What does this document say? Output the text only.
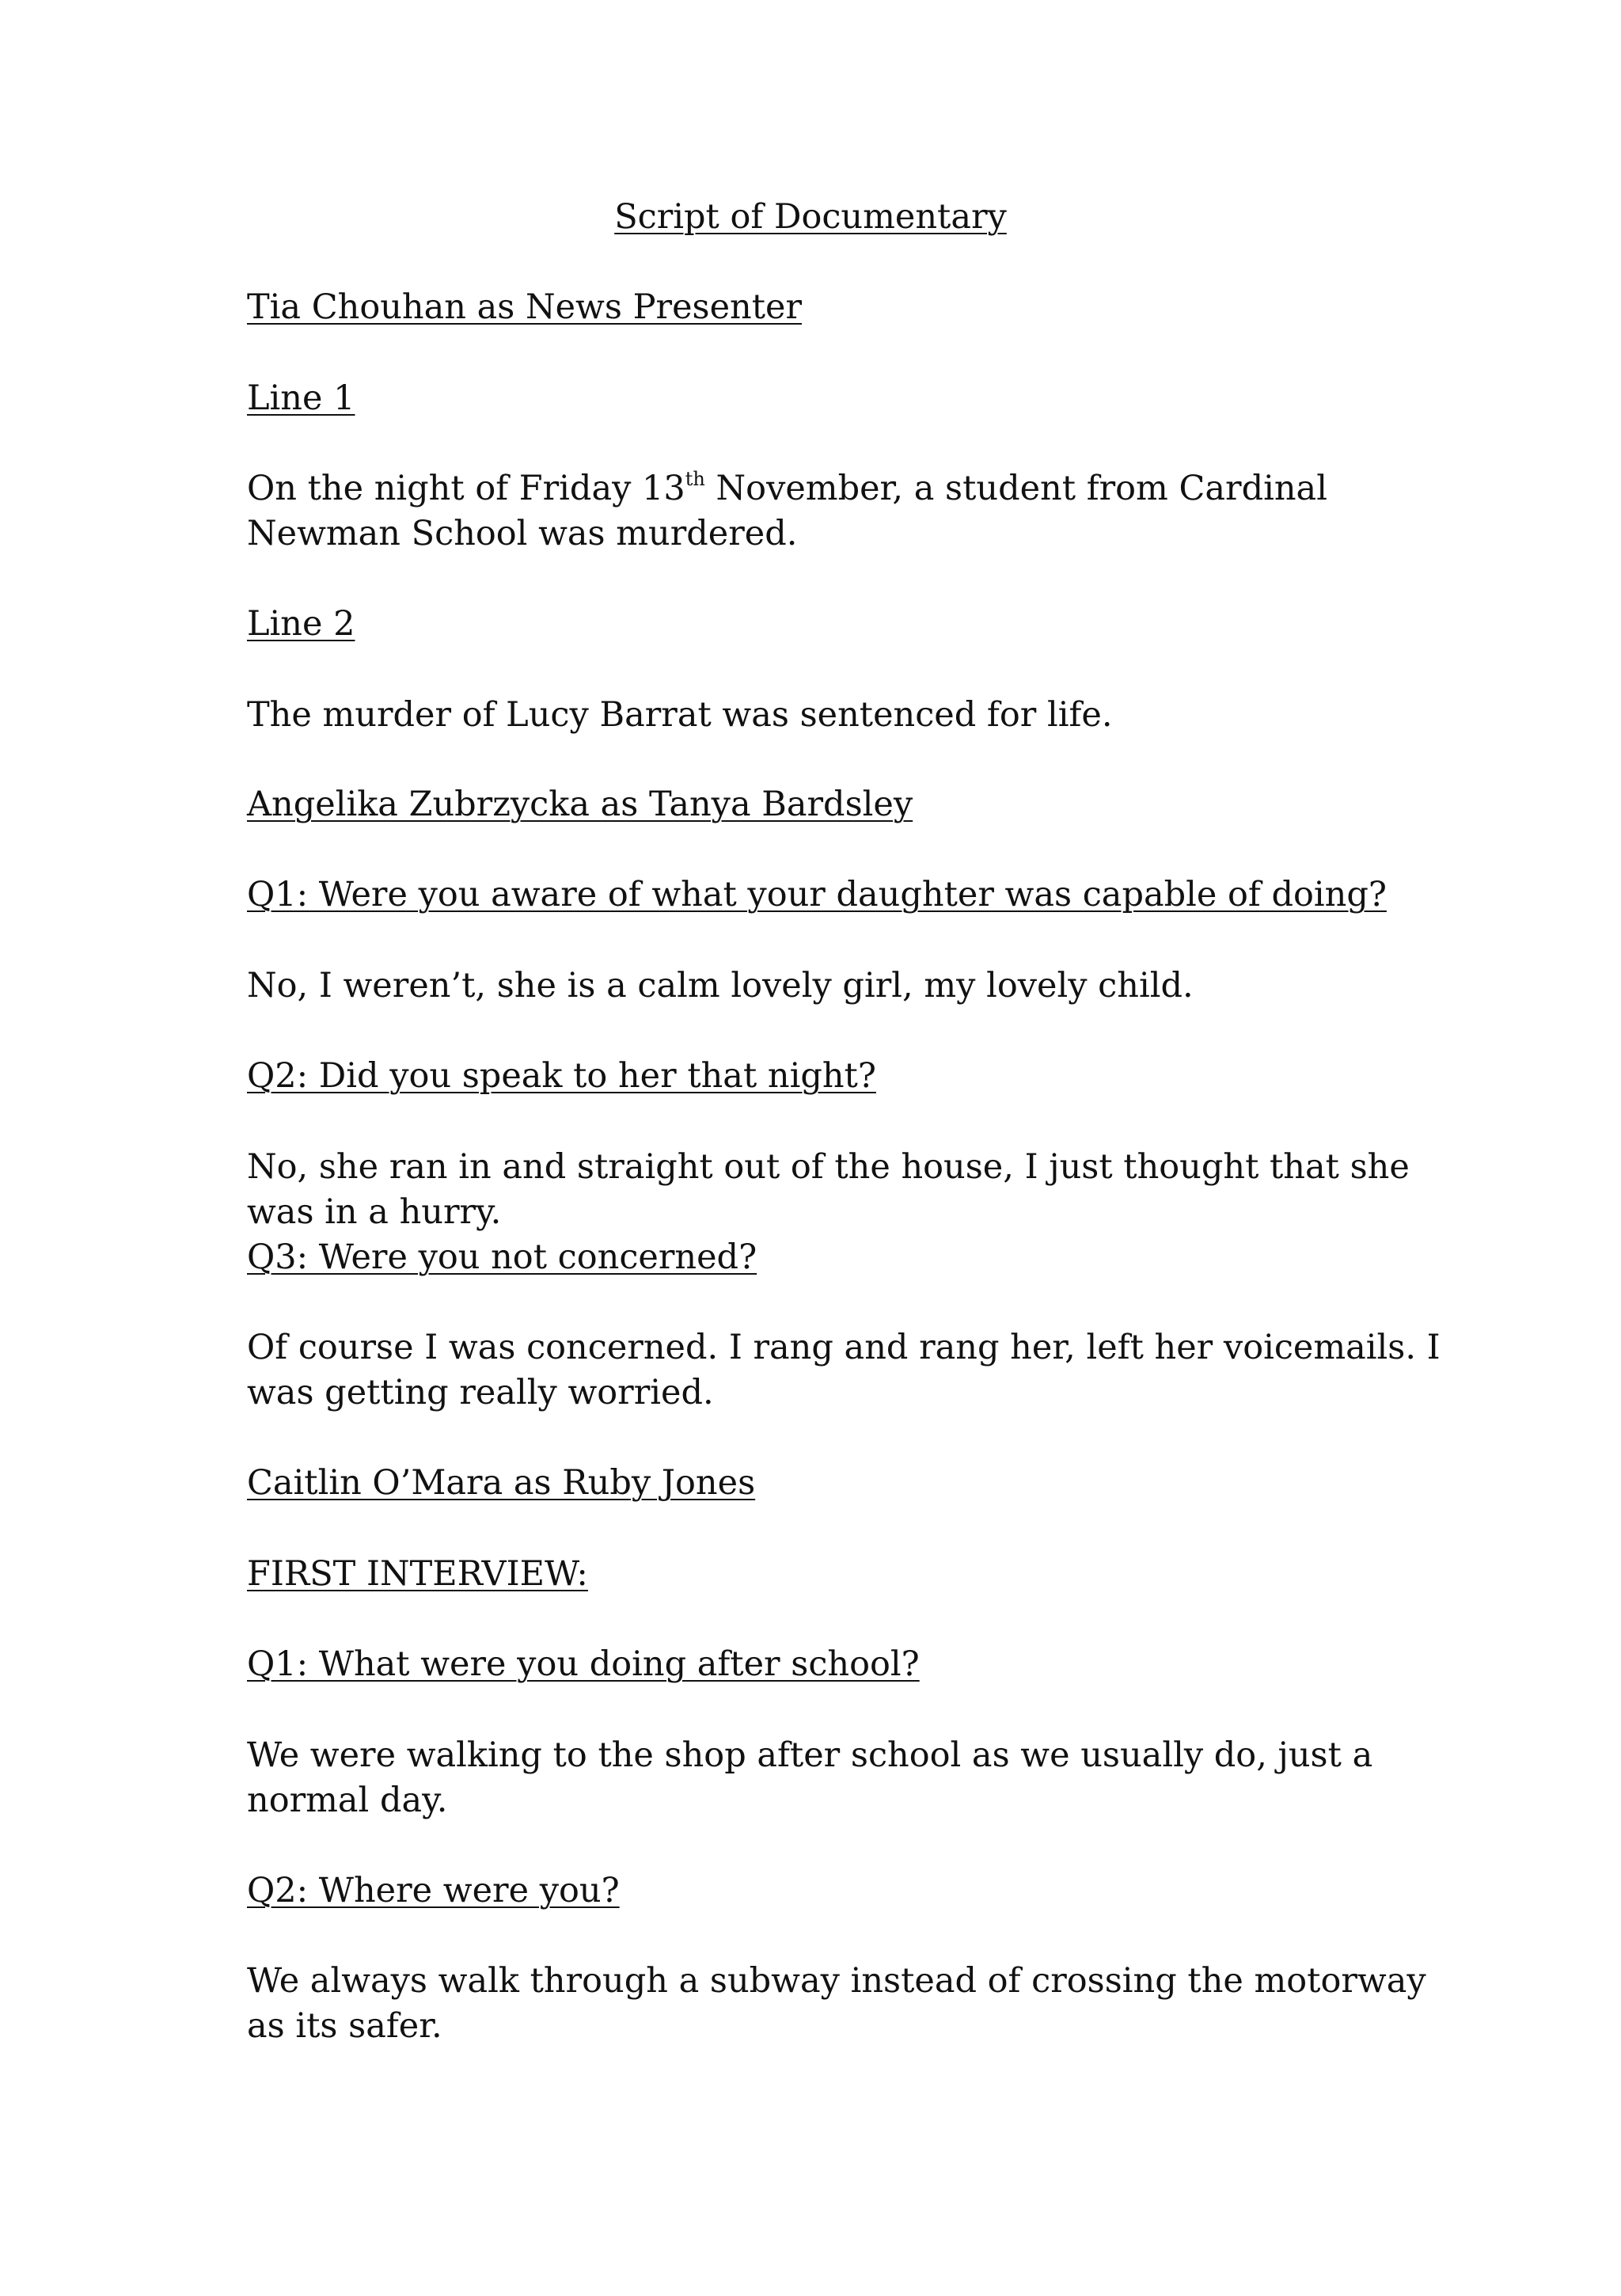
Script of Documentary
Tia Chouhan as News Presenter
Line 1
On the night of Friday 13th November, a student from Cardinal
Newman School was murdered.
Line 2
The murder of Lucy Barrat was sentenced for life.
Angelika Zubrzycka as Tanya Bardsley
Q1: Were you aware of what your daughter was capable of doing?
No, I weren’t, she is a calm lovely girl, my lovely child.
Q2: Did you speak to her that night?
No, she ran in and straight out of the house, I just thought that she
was in a hurry.
Q3: Were you not concerned?
Of course I was concerned. I rang and rang her, left her voicemails. I
was getting really worried.
Caitlin O’Mara as Ruby Jones
FIRST INTERVIEW:
Q1: What were you doing after school?
We were walking to the shop after school as we usually do, just a
normal day.
Q2: Where were you?
We always walk through a subway instead of crossing the motorway
as its safer.
